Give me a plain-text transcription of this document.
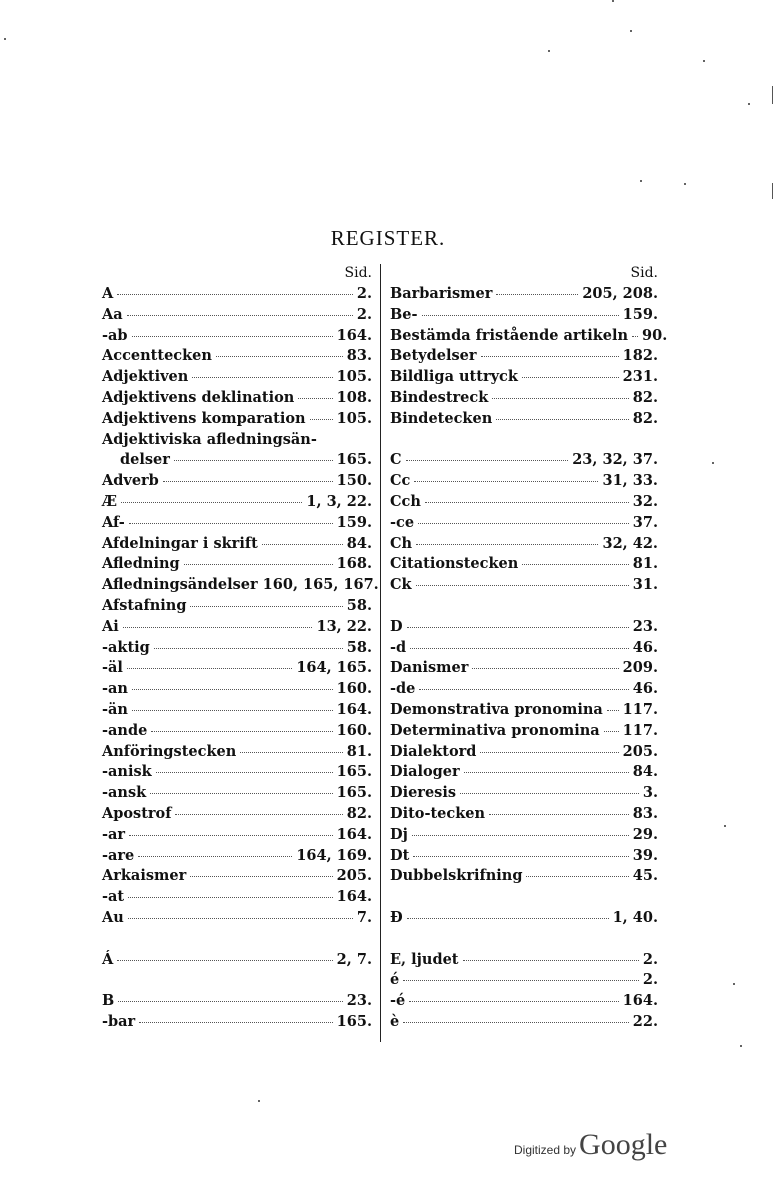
REGISTER.
Sid.
A	2.
Aa	2.
-ab	164.
Accenttecken	83.
Adjektiven	105.
Adjektivens deklination	108.
Adjektivens komparation 105.
Adjektiviska afledningsän-
delser	165.
Adverb	150.
Æ	1, 3, 22.
Af-	159.
Afdelningar i skrift	84.
Afledning	168.
Afledningsändelser 160, 165, 167.
Afstafning	58.
Ai	13, 22.
-aktig	58.
-äl	164, 165.
-an	160.
-än	164.
-ande	160.
Anföringstecken	81.
-anisk	165.
-ansk	165.
Apostrof	82.
-ar	164.
-are	164, 169.
Arkaismer	205.
-at	164.
Au	7.
Á	2, 7.
B	23.
-bar	165.
Sid.
Barbarismer	205, 208.
Be-	159.
Bestämda fristående artikeln 90.
Betydelser	182.
Bildliga uttryck	231.
Bindestreck	82.
Bindetecken	82.
C	23, 32, 37.
Cc	31, 33.
Cch	32.
-ce	37.
Ch	32, 42.
Citationstecken	81.
Ck	31.
D	23.
-d	46.
Danismer	209.
-de	46.
Demonstrativa pronomina 117.
Determinativa pronomina 117.
Dialektord	205.
Dialoger	84.
Dieresis	3.
Dito-tecken	83.
Dj	29.
Dt	39.
Dubbelskrifning	45.
Đ	1, 40.
E, ljudet	2.
é	2.
-é	164.
è	22.
Digitized by Google
